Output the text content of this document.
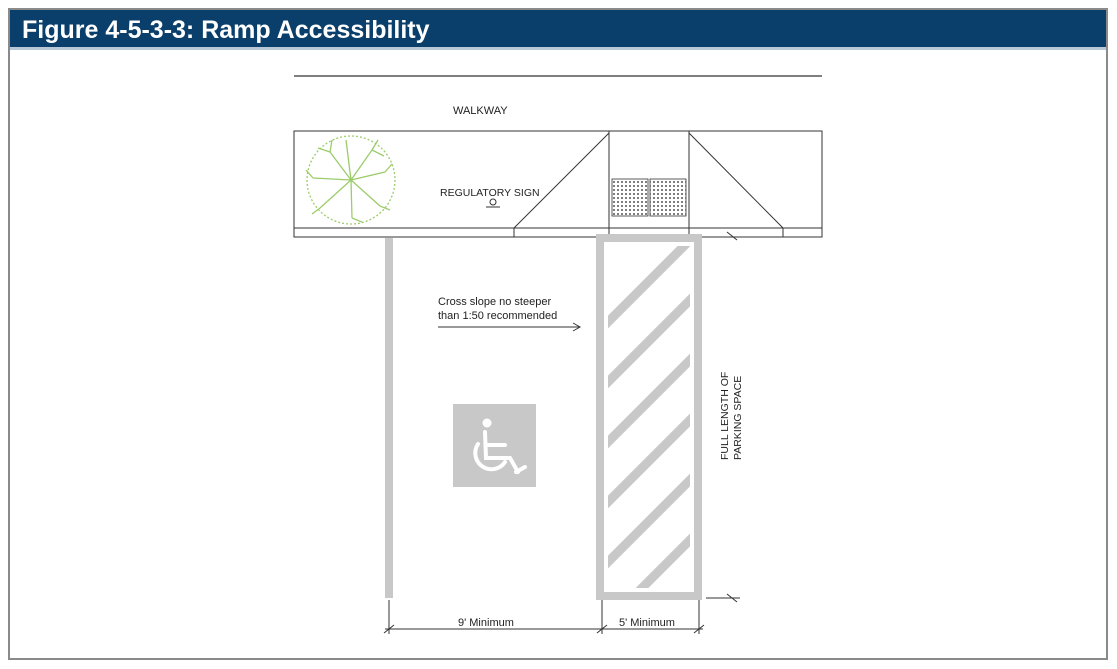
Figure 4-5-3-3: Ramp Accessibility
WALKWAY
REGULATORY SIGN
Cross slope no steeper
than 1:50 recommended
FULL LENGTH OF PARKING SPACE
9' Minimum	5' Minimum
